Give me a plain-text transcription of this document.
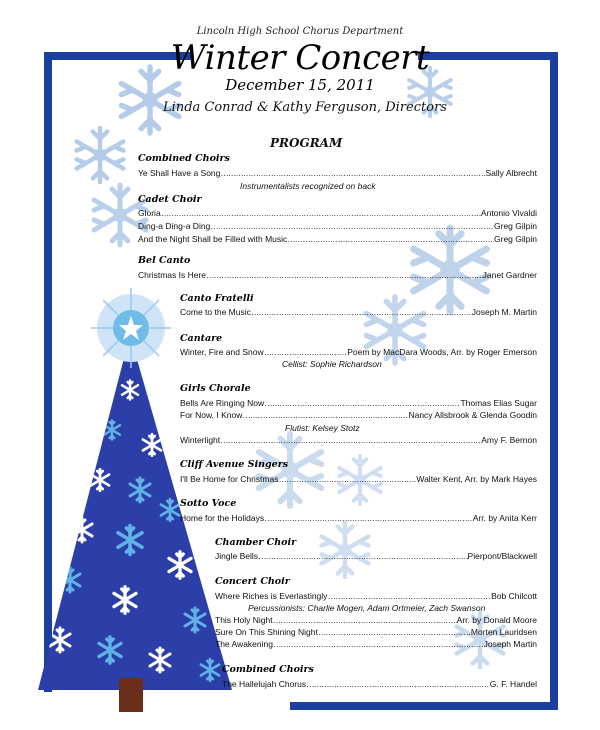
Lincoln High School Chorus Department
Winter Concert
December 15, 2011
Linda Conrad & Kathy Ferguson, Directors
PROGRAM
Combined Choirs
Ye Shall Have a Song ………………………………………………………………………………………………………………………………………………………………	Sally Albrecht
Instrumentalists recognized on back
Cadet Choir
Gloria ………………………………………………………………………………………………………………………………………………………………	Antonio Vivaldi
Ding-a Ding-a Ding ………………………………………………………………………………………………………………………………………………………………	Greg Gilpin
And the Night Shall be Filled with Music ………………………………………………………………………………………………………………………………………………………………	Greg Gilpin
Bel Canto
Christmas Is Here ………………………………………………………………………………………………………………………………………………………………	Janet Gardner
Canto Fratelli
Come to the Music ………………………………………………………………………………………………………………………………………………………………	Joseph M. Martin
Cantare
Winter, Fire and Snow ………………………………………………………………………………………………………………………………………………………………	Poem by MacDara Woods, Arr. by Roger Emerson
Cellist: Sophie Richardson
Girls Chorale
Bells Are Ringing Now ………………………………………………………………………………………………………………………………………………………………	Thomas Elias Sugar
For Now, I Know ………………………………………………………………………………………………………………………………………………………………	Nancy Allsbrook & Glenda Goodin
Flutist: Kelsey Stotz
Winterlight ………………………………………………………………………………………………………………………………………………………………	Amy F. Bernon
Cliff Avenue Singers
I'll Be Home for Christmas ………………………………………………………………………………………………………………………………………………………………	Walter Kent, Arr. by Mark Hayes
Sotto Voce
Home for the Holidays ………………………………………………………………………………………………………………………………………………………………	Arr. by Anita Kerr
Chamber Choir
Jingle Bells ………………………………………………………………………………………………………………………………………………………………	Pierpont/Blackwell
Concert Choir
Where Riches is Everlastingly ………………………………………………………………………………………………………………………………………………………………	Bob Chilcott
Percussionists: Charlie Mogen, Adam Ortmeier, Zach Swanson
This Holy Night ………………………………………………………………………………………………………………………………………………………………	Arr. by Donald Moore
Sure On This Shining Night ………………………………………………………………………………………………………………………………………………………………	Morten Lauridsen
The Awakening ………………………………………………………………………………………………………………………………………………………………	Joseph Martin
Combined Choirs
The Hallelujah Chorus ………………………………………………………………………………………………………………………………………………………………	G. F. Handel
